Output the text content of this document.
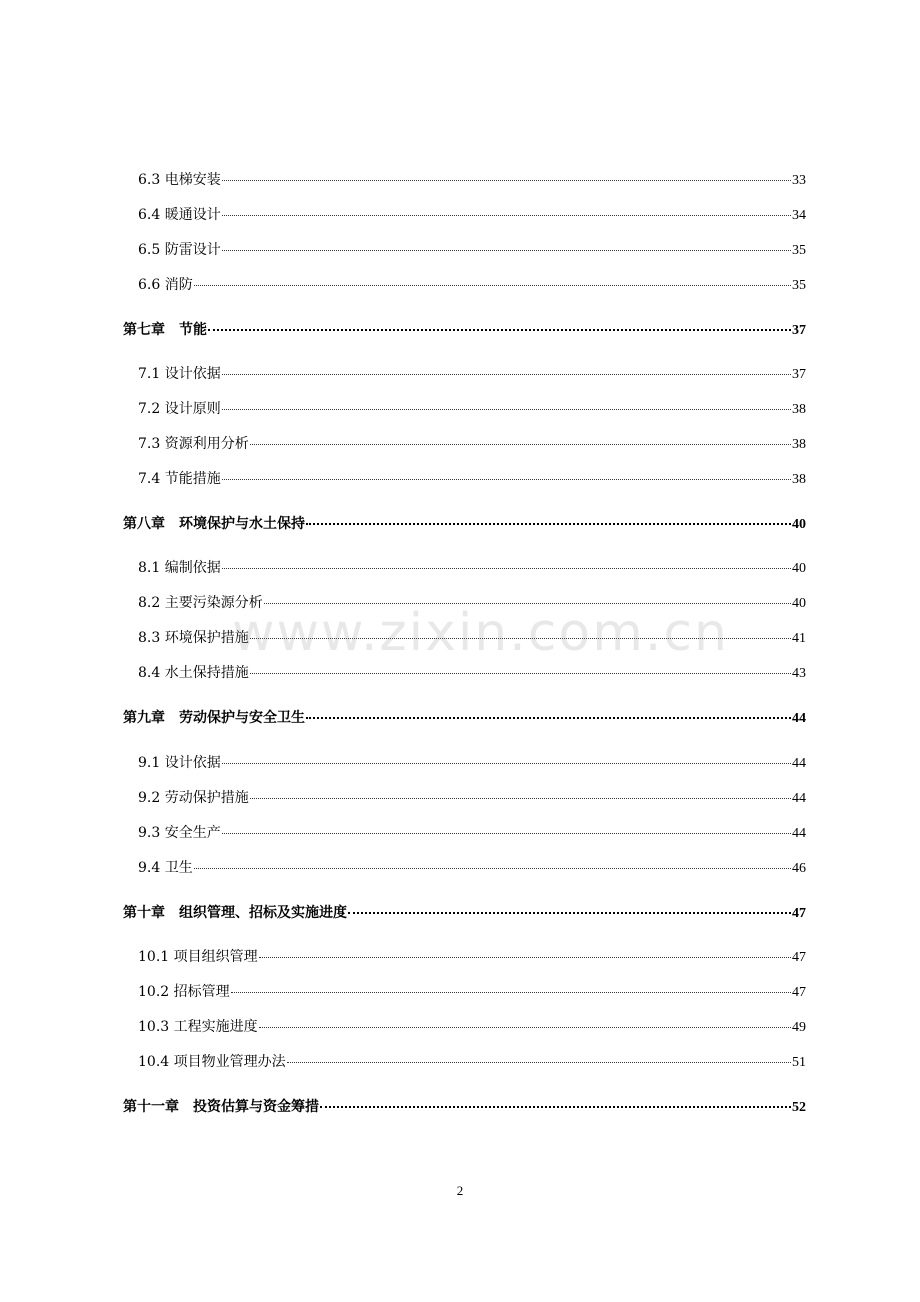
6.3 电梯安装	33
6.4 暖通设计	34
6.5 防雷设计	35
6.6 消防	35
第七章　节能	37
7.1 设计依据	37
7.2 设计原则	38
7.3 资源利用分析	38
7.4 节能措施	38
第八章　环境保护与水土保持	40
8.1 编制依据	40
8.2 主要污染源分析	40
8.3 环境保护措施	41
8.4 水土保持措施	43
第九章　劳动保护与安全卫生	44
9.1 设计依据	44
9.2 劳动保护措施	44
9.3 安全生产	44
9.4 卫生	46
第十章　组织管理、招标及实施进度	47
10.1 项目组织管理	47
10.2 招标管理	47
10.3 工程实施进度	49
10.4 项目物业管理办法	51
第十一章　投资估算与资金筹措	52
www.zixin.com.cn
2
